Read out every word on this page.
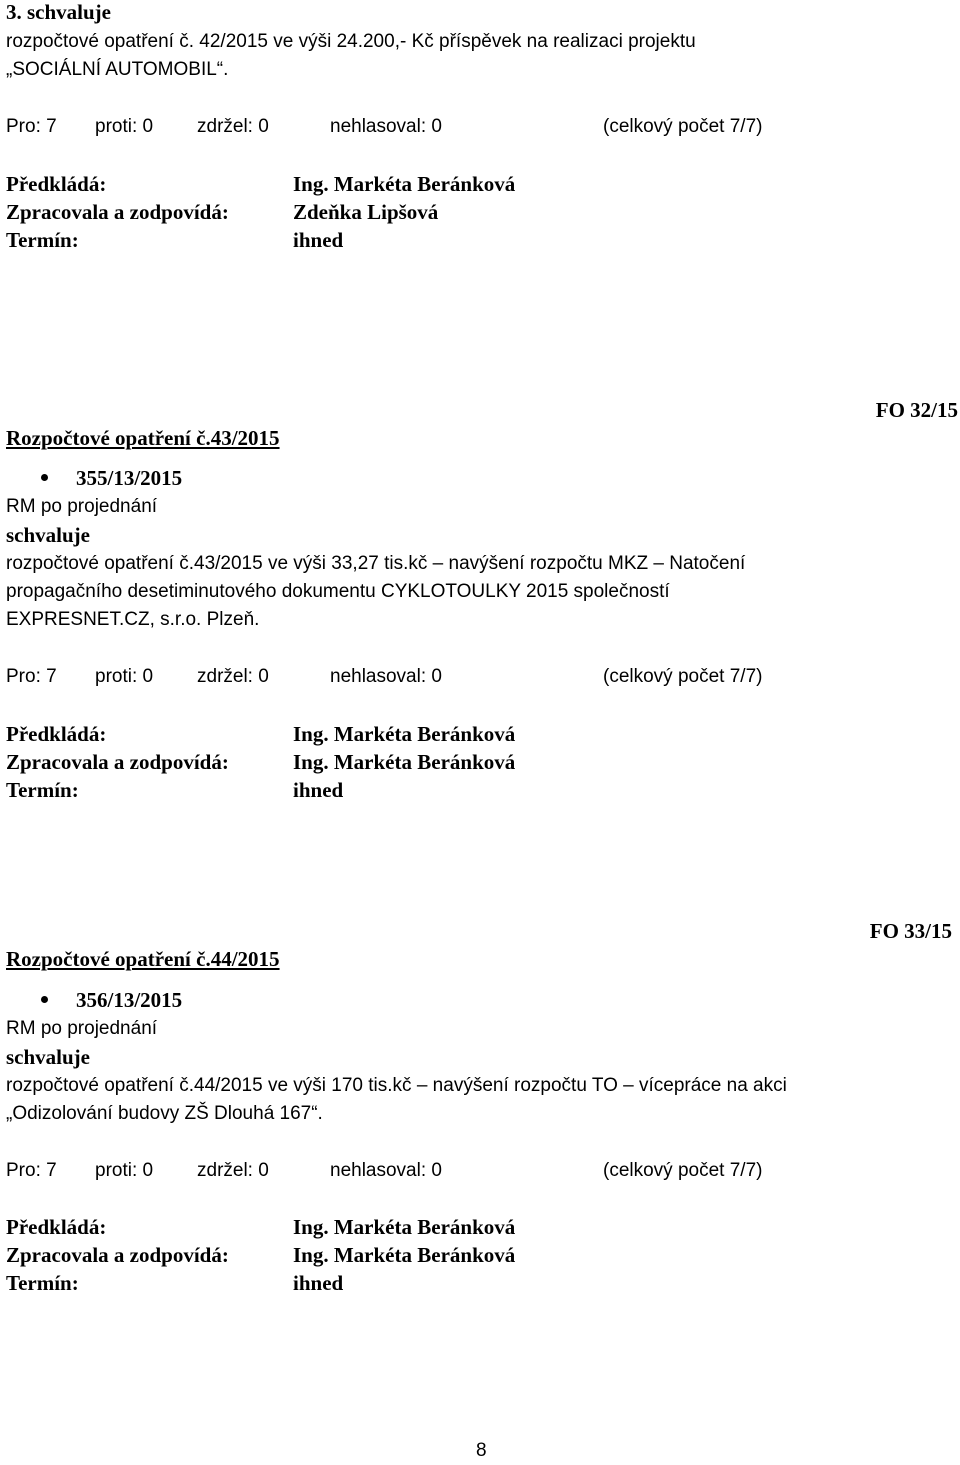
3. schvaluje
rozpočtové opatření č. 42/2015 ve výši 24.200,- Kč příspěvek na realizaci projektu
„SOCIÁLNÍ AUTOMOBIL“.
Pro: 7 proti: 0 zdržel: 0	nehlasoval: 0	(celkový počet 7/7)
Předkládá:	Ing. Markéta Beránková
Zpracovala a zodpovídá:	Zdeňka Lipšová
Termín:	ihned
FO 32/15
Rozpočtové opatření č.43/2015
355/13/2015
RM po projednání
schvaluje
rozpočtové opatření č.43/2015 ve výši 33,27 tis.kč – navýšení rozpočtu MKZ – Natočení
propagačního desetiminutového dokumentu CYKLOTOULKY 2015 společností
EXPRESNET.CZ, s.r.o. Plzeň.
Pro: 7 proti: 0 zdržel: 0	nehlasoval: 0	(celkový počet 7/7)
Předkládá:	Ing. Markéta Beránková
Zpracovala a zodpovídá:	Ing. Markéta Beránková
Termín:	ihned
FO 33/15
Rozpočtové opatření č.44/2015
356/13/2015
RM po projednání
schvaluje
rozpočtové opatření č.44/2015 ve výši 170 tis.kč – navýšení rozpočtu TO – vícepráce na akci
„Odizolování budovy ZŠ Dlouhá 167“.
Pro: 7 proti: 0 zdržel: 0	nehlasoval: 0	(celkový počet 7/7)
Předkládá:	Ing. Markéta Beránková
Zpracovala a zodpovídá:	Ing. Markéta Beránková
Termín:	ihned
8
